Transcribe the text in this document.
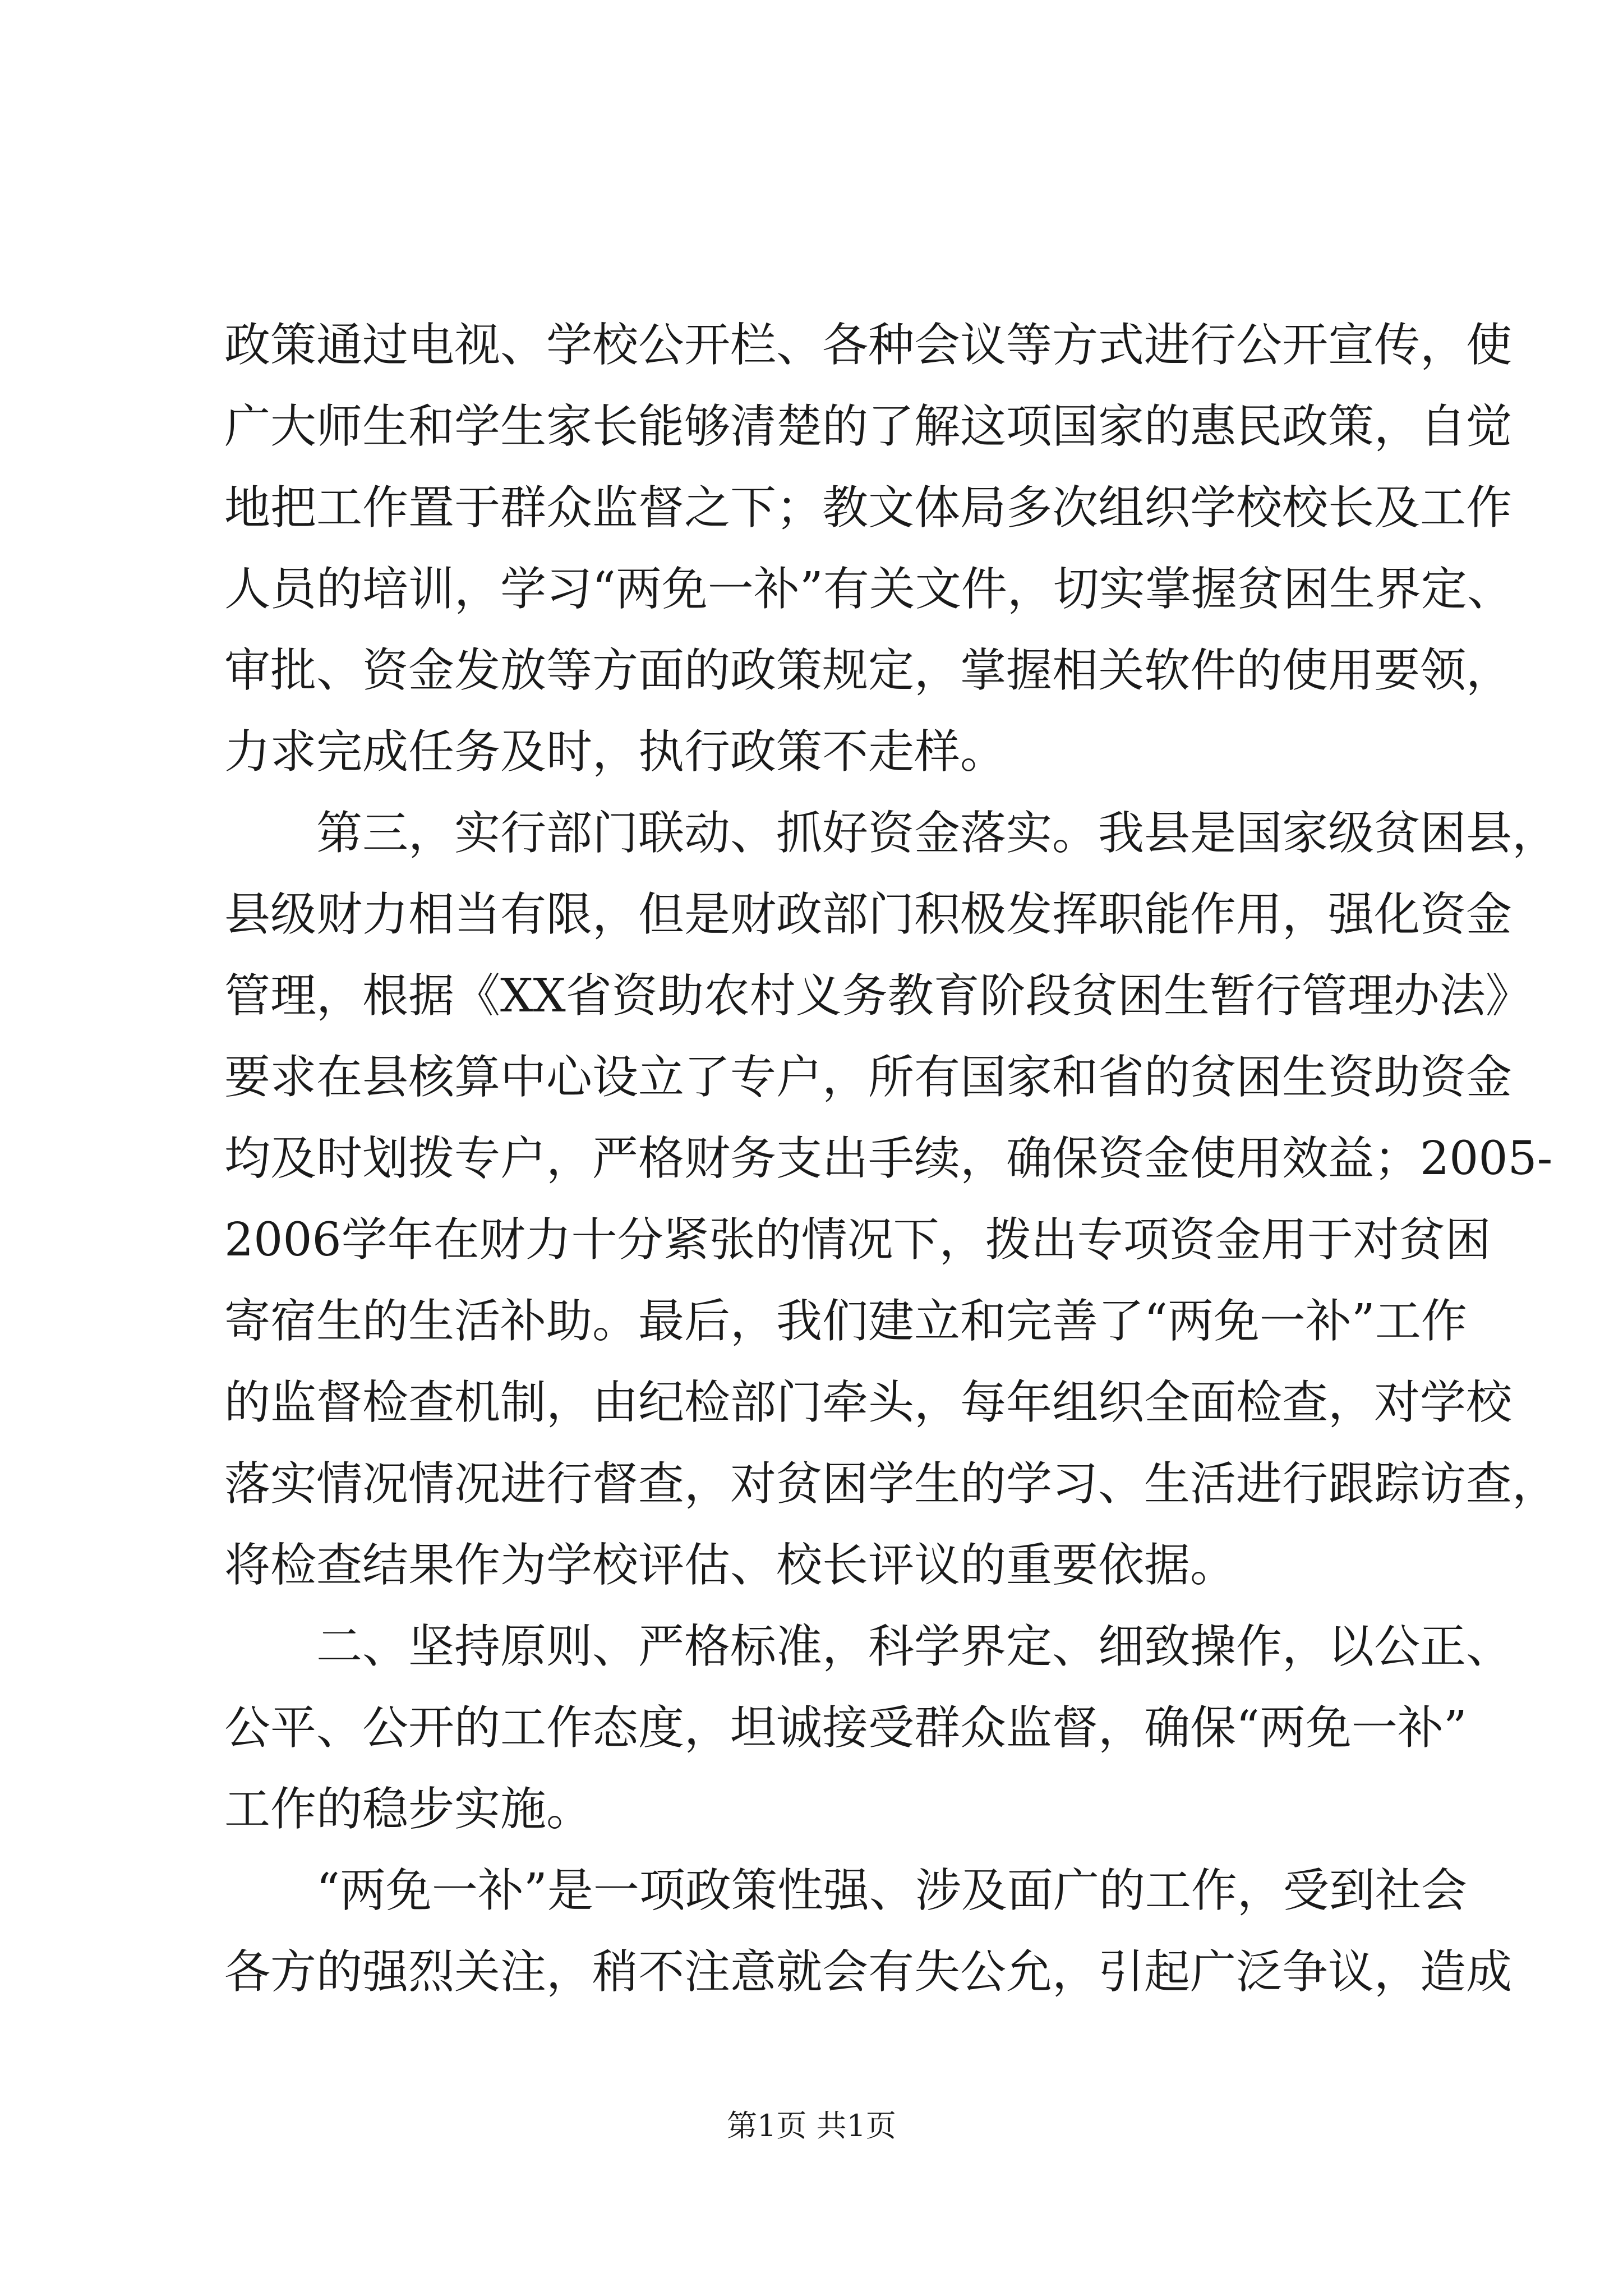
政策通过电视、学校公开栏、各种会议等方式进行公开宣传，使
广大师生和学生家长能够清楚的了解这项国家的惠民政策，自觉
地把工作置于群众监督之下；教文体局多次组织学校校长及工作
人员的培训，学习“两免一补”有关文件，切实掌握贫困生界定、
审批、资金发放等方面的政策规定，掌握相关软件的使用要领，
力求完成任务及时，执行政策不走样。
第三，实行部门联动、抓好资金落实。我县是国家级贫困县，
县级财力相当有限，但是财政部门积极发挥职能作用，强化资金
管理，根据《XX省资助农村义务教育阶段贫困生暂行管理办法》
要求在县核算中心设立了专户，所有国家和省的贫困生资助资金
均及时划拨专户，严格财务支出手续，确保资金使用效益；2005-
2006学年在财力十分紧张的情况下，拨出专项资金用于对贫困
寄宿生的生活补助。最后，我们建立和完善了“两免一补”工作
的监督检查机制，由纪检部门牵头，每年组织全面检查，对学校
落实情况情况进行督查，对贫困学生的学习、生活进行跟踪访查，
将检查结果作为学校评估、校长评议的重要依据。
二、坚持原则、严格标准，科学界定、细致操作，以公正、
公平、公开的工作态度，坦诚接受群众监督，确保“两免一补”
工作的稳步实施。
“两免一补”是一项政策性强、涉及面广的工作，受到社会
各方的强烈关注，稍不注意就会有失公允，引起广泛争议，造成
第1页 共1页
